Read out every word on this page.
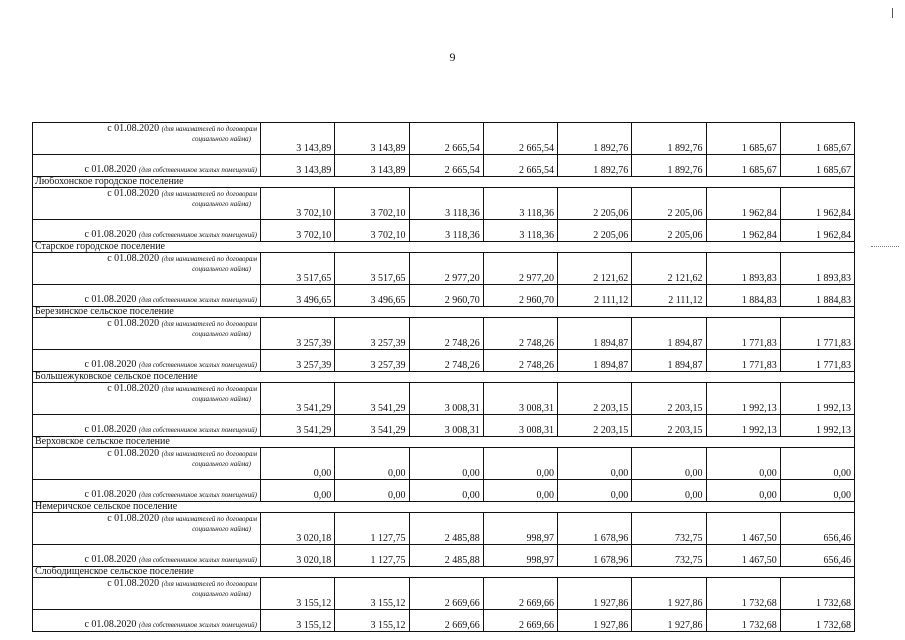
9
с 01.08.2020 (для нанимателей по договорам
социального найма)	3 143,89	3 143,89	2 665,54	2 665,54	1 892,76	1 892,76	1 685,67	1 685,67
с 01.08.2020 (для собственников жилых помещений)	3 143,89	3 143,89	2 665,54	2 665,54	1 892,76	1 892,76	1 685,67	1 685,67
Любохонское городское поселение								
с 01.08.2020 (для нанимателей по договорам
социального найма)	3 702,10	3 702,10	3 118,36	3 118,36	2 205,06	2 205,06	1 962,84	1 962,84
с 01.08.2020 (для собственников жилых помещений)	3 702,10	3 702,10	3 118,36	3 118,36	2 205,06	2 205,06	1 962,84	1 962,84
Старское городское поселение								
с 01.08.2020 (для нанимателей по договорам
социального найма)	3 517,65	3 517,65	2 977,20	2 977,20	2 121,62	2 121,62	1 893,83	1 893,83
с 01.08.2020 (для собственников жилых помещений)	3 496,65	3 496,65	2 960,70	2 960,70	2 111,12	2 111,12	1 884,83	1 884,83
Березинское сельское поселение								
с 01.08.2020 (для нанимателей по договорам
социального найма)	3 257,39	3 257,39	2 748,26	2 748,26	1 894,87	1 894,87	1 771,83	1 771,83
с 01.08.2020 (для собственников жилых помещений)	3 257,39	3 257,39	2 748,26	2 748,26	1 894,87	1 894,87	1 771,83	1 771,83
Большежуковское сельское поселение								
с 01.08.2020 (для нанимателей по договорам
социального найма)	3 541,29	3 541,29	3 008,31	3 008,31	2 203,15	2 203,15	1 992,13	1 992,13
с 01.08.2020 (для собственников жилых помещений)	3 541,29	3 541,29	3 008,31	3 008,31	2 203,15	2 203,15	1 992,13	1 992,13
Верховское сельское поселение								
с 01.08.2020 (для нанимателей по договорам
социального найма)	0,00	0,00	0,00	0,00	0,00	0,00	0,00	0,00
с 01.08.2020 (для собственников жилых помещений)	0,00	0,00	0,00	0,00	0,00	0,00	0,00	0,00
Немеричское сельское поселение								
с 01.08.2020 (для нанимателей по договорам
социального найма)	3 020,18	1 127,75	2 485,88	998,97	1 678,96	732,75	1 467,50	656,46
с 01.08.2020 (для собственников жилых помещений)	3 020,18	1 127,75	2 485,88	998,97	1 678,96	732,75	1 467,50	656,46
Слободищенское сельское поселение								
с 01.08.2020 (для нанимателей по договорам
социального найма)	3 155,12	3 155,12	2 669,66	2 669,66	1 927,86	1 927,86	1 732,68	1 732,68
с 01.08.2020 (для собственников жилых помещений)	3 155,12	3 155,12	2 669,66	2 669,66	1 927,86	1 927,86	1 732,68	1 732,68
